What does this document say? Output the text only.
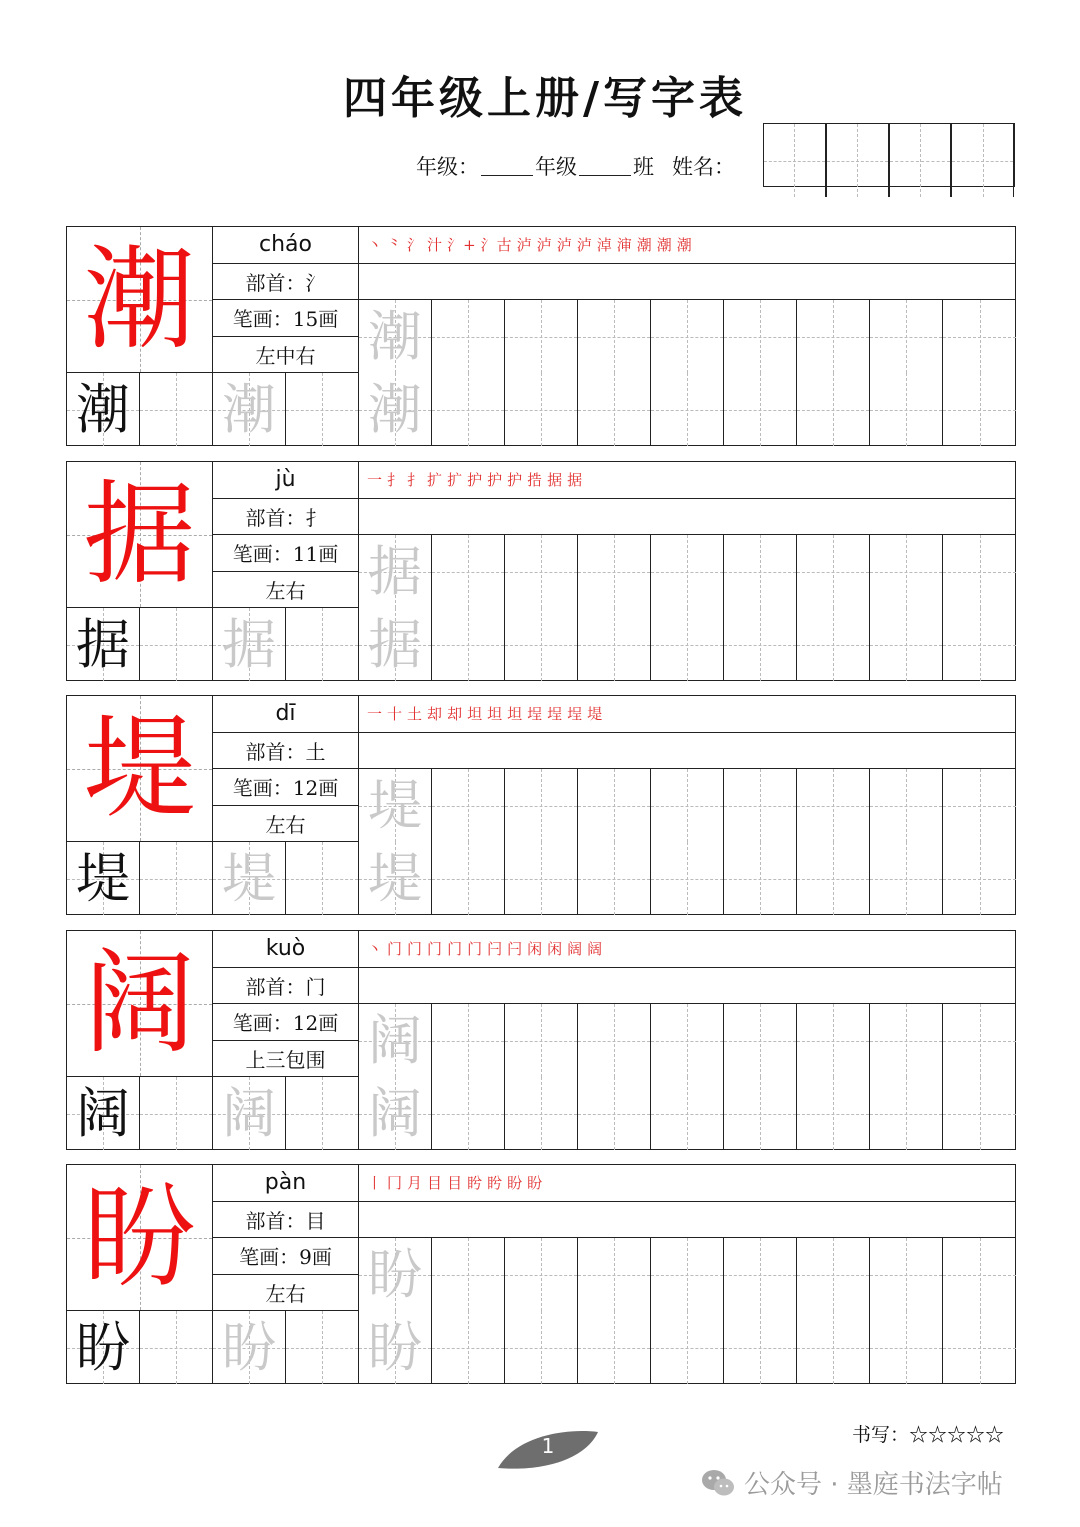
四年级上册/写字表
年级：	年级	班 姓名：
潮	cháo
部首：氵
笔画：15画
左中右
丶 ⺀ 氵 汁 氵+ 氵古 泸 泸 泸 泸 淖 渖 潮 潮 潮
潮
潮 潮 潮
据	jù
部首：扌
笔画：11画
左右
一 扌 扌 扩 扩 护 护 护 捁 据 据
据
据 据 据
堤	dī
部首：土
笔画：12画
左右
一 十 土 却 却 坦 坦 坦 埕 埕 埕 堤
堤
堤 堤 堤
阔	kuò
部首：门
笔画：12画
上三包围
丶 门 门 门 门 门 闩 闩 闲 闲 阔 阔
阔
阔 阔 阔
盼	pàn
部首：目
笔画：9画
左右
丨 冂 月 目 目 盻 盻 盼 盼
盼
盼 盼 盼
1	书写：☆☆☆☆☆
公众号 · 墨庭书法字帖
